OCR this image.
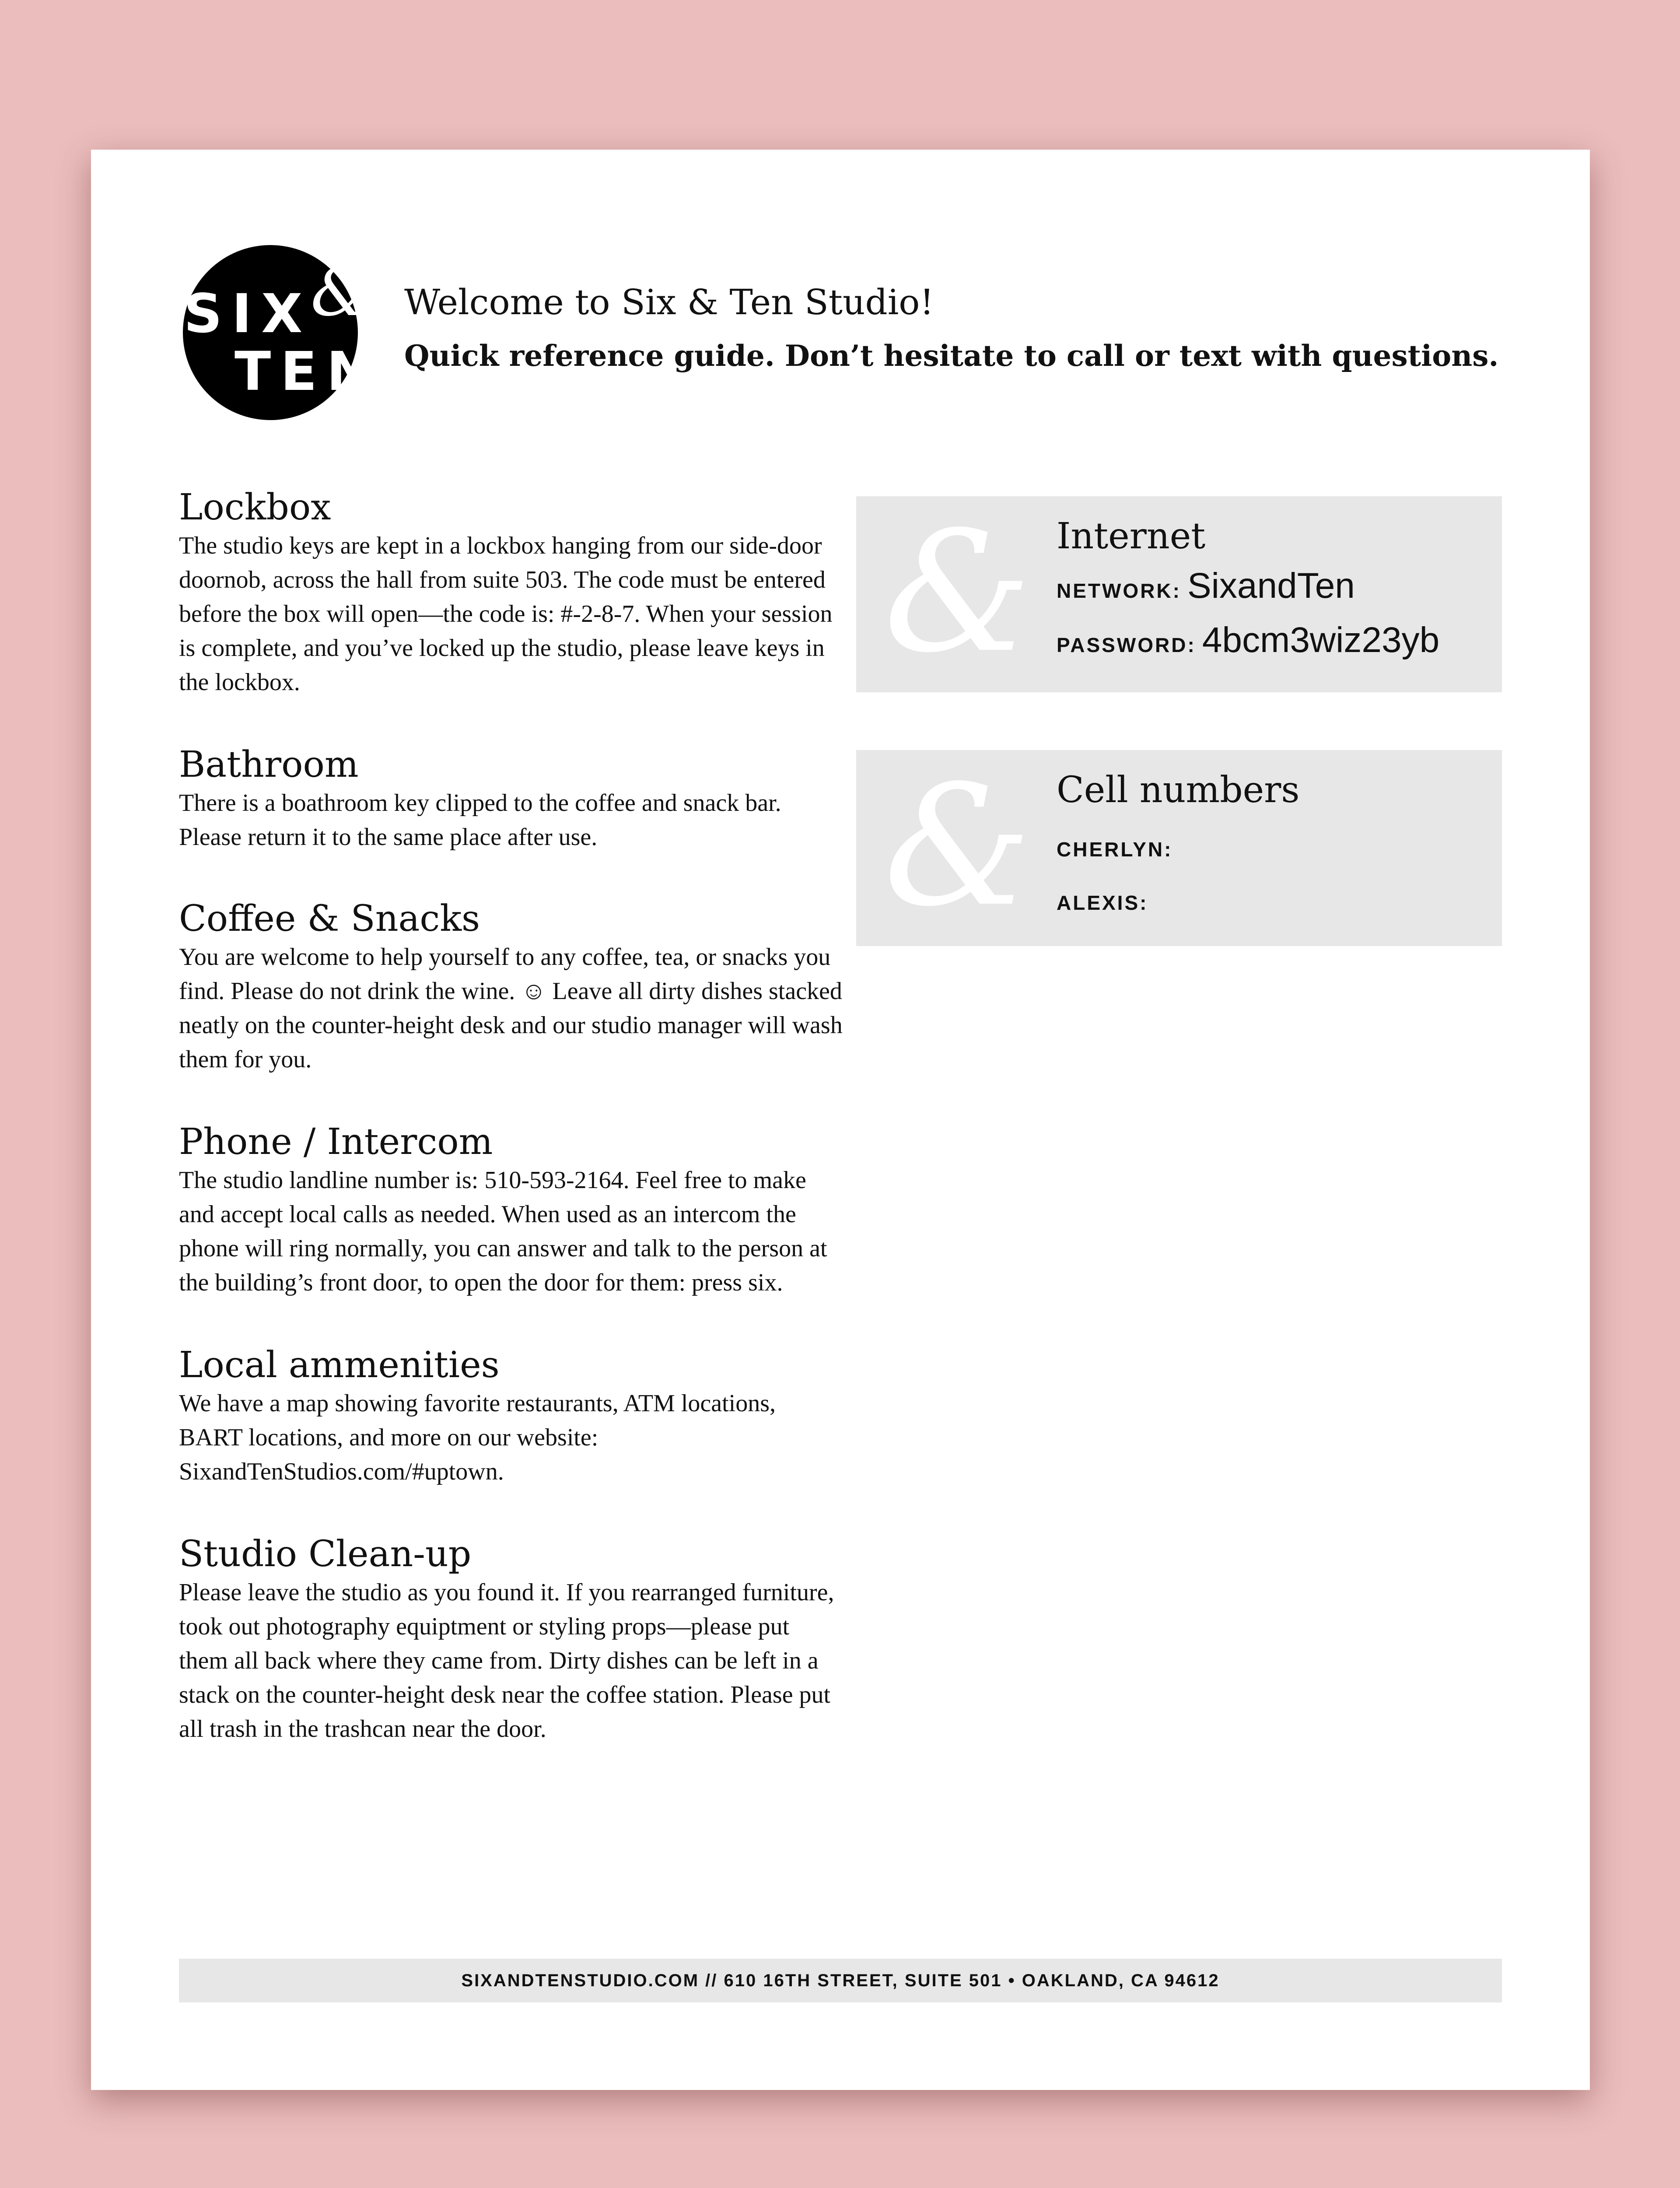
SIX
&
TEN
Welcome to Six & Ten Studio!
Quick reference guide. Don’t hesitate to call or text with questions.
Lockbox

The studio keys are kept in a lockbox hanging from our side-door doornob, across the hall from suite 503. The code must be entered before the box will open—the code is: #-2-8-7. When your session is complete, and you’ve locked up the studio, please leave keys in the lockbox.

Bathroom

There is a boathroom key clipped to the coffee and snack bar. Please return it to the same place after use.

Coffee & Snacks

You are welcome to help yourself to any coffee, tea, or snacks you find. Please do not drink the wine. ☺ Leave all dirty dishes stacked neatly on the counter-height desk and our studio manager will wash them for you.

Phone / Intercom

The studio landline number is: 510-593-2164. Feel free to make and accept local calls as needed. When used as an intercom the phone will ring normally, you can answer and talk to the person at the building’s front door, to open the door for them: press six.

Local ammenities

We have a map showing favorite restaurants, ATM locations, BART locations, and more on our website: SixandTenStudios.com/#uptown.

Studio Clean-up

Please leave the studio as you found it. If you rearranged furniture, took out photography equiptment or styling props—please put them all back where they came from. Dirty dishes can be left in a stack on the counter-height desk near the coffee station. Please put all trash in the trashcan near the door.

& Internet
NETWORK: SixandTen
PASSWORD: 4bcm3wiz23yb
& Cell numbers
CHERLYN:
ALEXIS:
SIXANDTENSTUDIO.COM // 610 16TH STREET, SUITE 501 • OAKLAND, CA 94612
